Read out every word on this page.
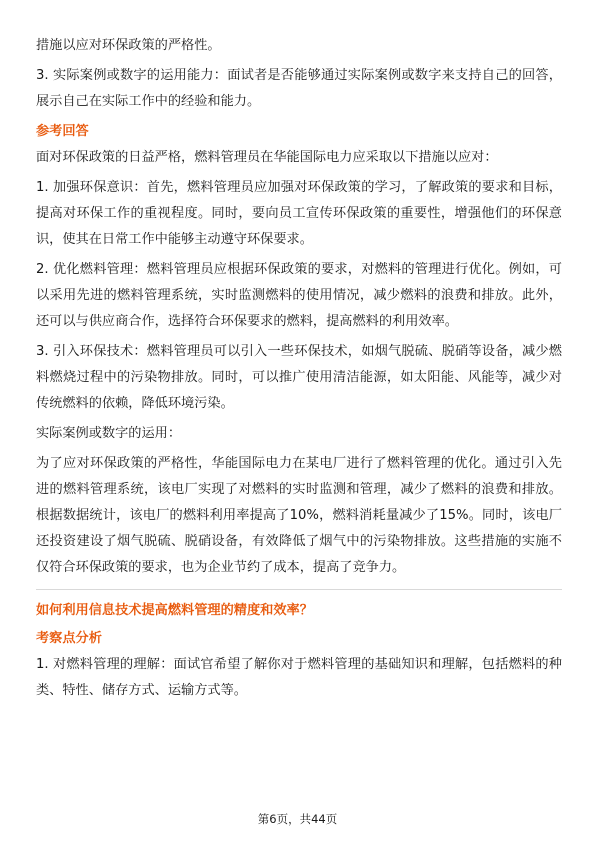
措施以应对环保政策的严格性。

3. 实际案例或数字的运用能力：面试者是否能够通过实际案例或数字来支持自己的回答，展示自己在实际工作中的经验和能力。

参考回答

面对环保政策的日益严格，燃料管理员在华能国际电力应采取以下措施以应对：

1. 加强环保意识：首先，燃料管理员应加强对环保政策的学习，了解政策的要求和目标，提高对环保工作的重视程度。同时，要向员工宣传环保政策的重要性，增强他们的环保意识，使其在日常工作中能够主动遵守环保要求。

2. 优化燃料管理：燃料管理员应根据环保政策的要求，对燃料的管理进行优化。例如，可以采用先进的燃料管理系统，实时监测燃料的使用情况，减少燃料的浪费和排放。此外，还可以与供应商合作，选择符合环保要求的燃料，提高燃料的利用效率。

3. 引入环保技术：燃料管理员可以引入一些环保技术，如烟气脱硫、脱硝等设备，减少燃料燃烧过程中的污染物排放。同时，可以推广使用清洁能源，如太阳能、风能等，减少对传统燃料的依赖，降低环境污染。

实际案例或数字的运用：

为了应对环保政策的严格性，华能国际电力在某电厂进行了燃料管理的优化。通过引入先进的燃料管理系统，该电厂实现了对燃料的实时监测和管理，减少了燃料的浪费和排放。根据数据统计，该电厂的燃料利用率提高了10%，燃料消耗量减少了15%。同时，该电厂还投资建设了烟气脱硫、脱硝设备，有效降低了烟气中的污染物排放。这些措施的实施不仅符合环保政策的要求，也为企业节约了成本，提高了竞争力。

如何利用信息技术提高燃料管理的精度和效率？
考察点分析

1. 对燃料管理的理解：面试官希望了解你对于燃料管理的基础知识和理解，包括燃料的种类、特性、储存方式、运输方式等。

第6页，共44页
